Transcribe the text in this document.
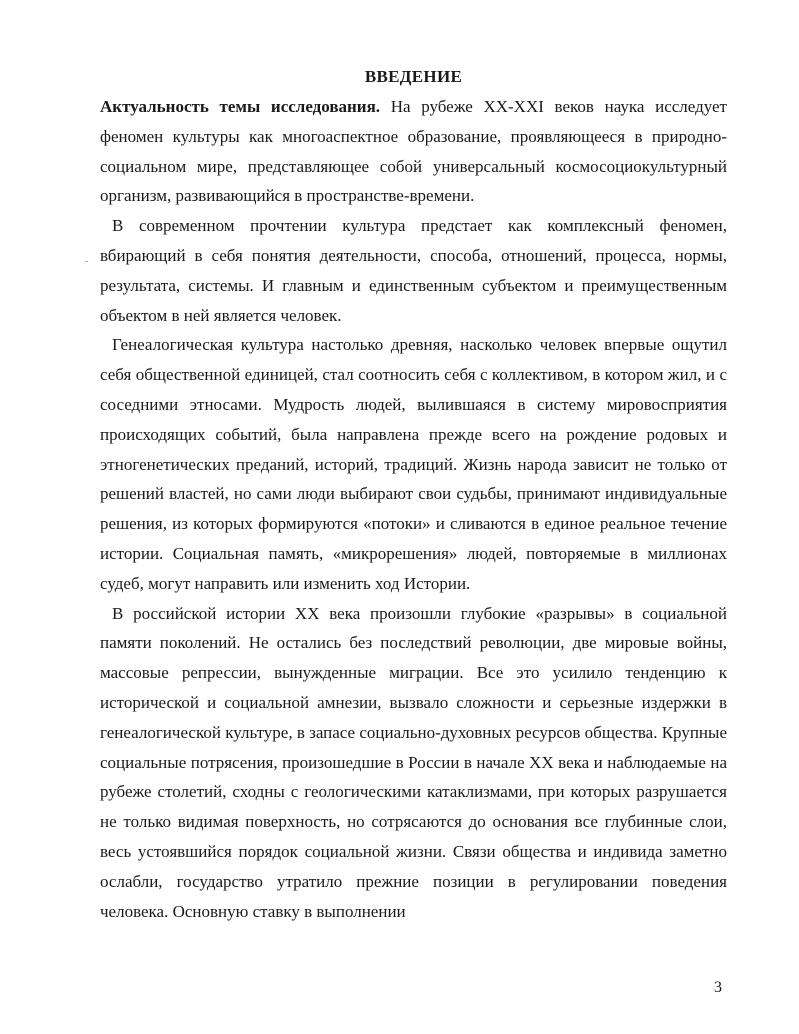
ВВЕДЕНИЕ

Актуальность темы исследования. На рубеже XX-XXI веков наука исследует феномен культуры как многоаспектное образование, проявляющееся в природно-социальном мире, представляющее собой универсальный космосоциокультурный организм, развивающийся в пространстве-времени.

В современном прочтении культура предстает как комплексный феномен, вбирающий в себя понятия деятельности, способа, отношений, процесса, нормы, результата, системы. И главным и единственным субъектом и преимущественным объектом в ней является человек.

Генеалогическая культура настолько древняя, насколько человек впервые ощутил себя общественной единицей, стал соотносить себя с коллективом, в котором жил, и с соседними этносами. Мудрость людей, вылившаяся в систему мировосприятия происходящих событий, была направлена прежде всего на рождение родовых и этногенетических преданий, историй, традиций. Жизнь народа зависит не только от решений властей, но сами люди выбирают свои судьбы, принимают индивидуальные решения, из которых формируются «потоки» и сливаются в единое реальное течение истории. Социальная память, «микрорешения» людей, повторяемые в миллионах судеб, могут направить или изменить ход Истории.

В российской истории XX века произошли глубокие «разрывы» в социальной памяти поколений. Не остались без последствий революции, две мировые войны, массовые репрессии, вынужденные миграции. Все это усилило тенденцию к исторической и социальной амнезии, вызвало сложности и серьезные издержки в генеалогической культуре, в запасе социально-духовных ресурсов общества. Крупные социальные потрясения, произошедшие в России в начале XX века и наблюдаемые на рубеже столетий, сходны с геологическими катаклизмами, при которых разрушается не только видимая поверхность, но сотрясаются до основания все глубинные слои, весь устоявшийся порядок социальной жизни. Связи общества и индивида заметно ослабли, государство утратило прежние позиции в регулировании поведения человека. Основную ставку в выполнении

3
